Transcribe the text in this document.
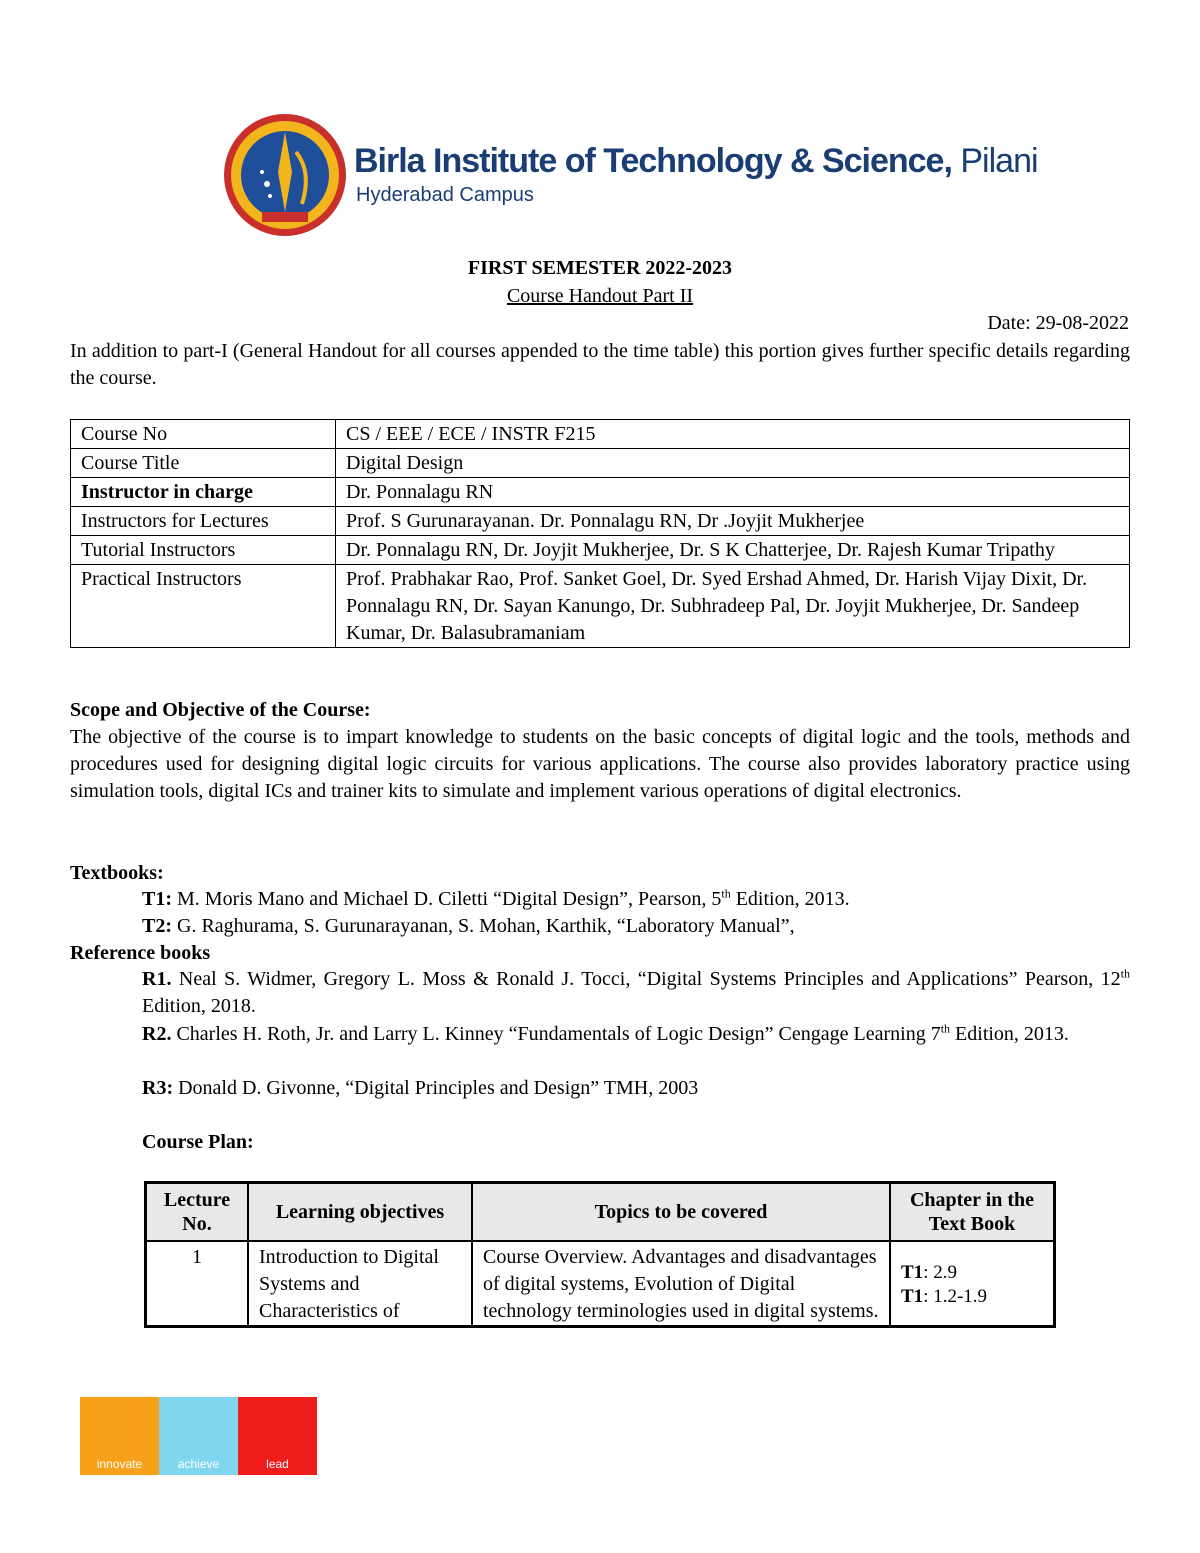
Birla Institute of Technology & Science, Pilani
Hyderabad Campus
FIRST SEMESTER 2022-2023
Course Handout Part II
Date: 29-08-2022
In addition to part-I (General Handout for all courses appended to the time table) this portion gives further specific details regarding the course.
Course No	CS / EEE / ECE / INSTR F215
Course Title	Digital Design
Instructor in charge	Dr. Ponnalagu RN
Instructors for Lectures	Prof. S Gurunarayanan. Dr. Ponnalagu RN, Dr .Joyjit Mukherjee
Tutorial Instructors	Dr. Ponnalagu RN, Dr. Joyjit Mukherjee, Dr. S K Chatterjee, Dr. Rajesh Kumar Tripathy
Practical Instructors	Prof. Prabhakar Rao, Prof. Sanket Goel, Dr. Syed Ershad Ahmed, Dr. Harish Vijay Dixit, Dr. Ponnalagu RN, Dr. Sayan Kanungo, Dr. Subhradeep Pal, Dr. Joyjit Mukherjee, Dr. Sandeep Kumar, Dr. Balasubramaniam
Scope and Objective of the Course:
The objective of the course is to impart knowledge to students on the basic concepts of digital logic and the tools, methods and procedures used for designing digital logic circuits for various applications. The course also provides laboratory practice using simulation tools, digital ICs and trainer kits to simulate and implement various operations of digital electronics.
Textbooks:
T1: M. Moris Mano and Michael D. Ciletti “Digital Design”, Pearson, 5th Edition, 2013.
T2: G. Raghurama, S. Gurunarayanan, S. Mohan, Karthik, “Laboratory Manual”,
Reference books
R1. Neal S. Widmer, Gregory L. Moss & Ronald J. Tocci, “Digital Systems Principles and Applications” Pearson, 12th Edition, 2018.
R2. Charles H. Roth, Jr. and Larry L. Kinney “Fundamentals of Logic Design” Cengage Learning 7th Edition, 2013.
R3: Donald D. Givonne, “Digital Principles and Design” TMH, 2003
Course Plan:
Lecture No.	Learning objectives	Topics to be covered	Chapter in the Text Book
1	Introduction to Digital Systems and Characteristics of	Course Overview. Advantages and disadvantages of digital systems, Evolution of Digital technology terminologies used in digital systems.	T1: 2.9
T1: 1.2-1.9
innovate	achieve	lead
